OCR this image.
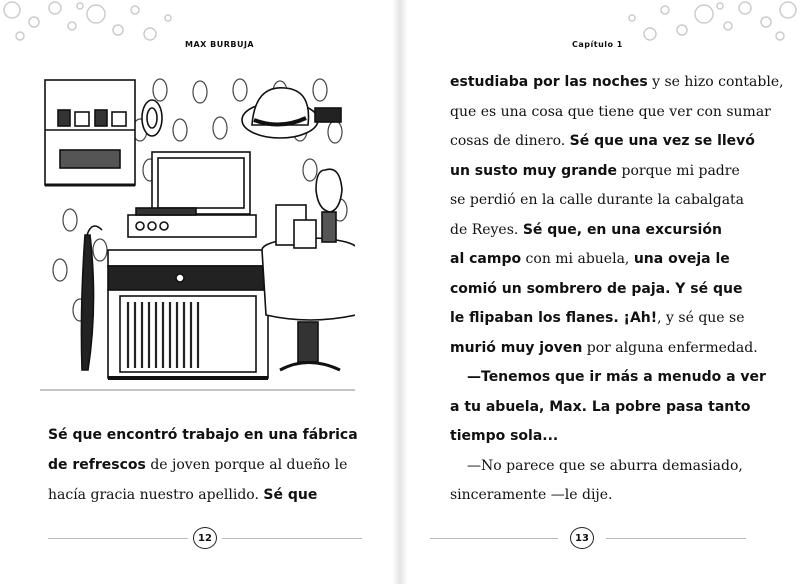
MAX BURBUJA
Sé que encontró trabajo en una fábrica
de refrescos de joven porque al dueño le
hacía gracia nuestro apellido. Sé que
12
Capítulo 1
estudiaba por las noches y se hizo contable,
que es una cosa que tiene que ver con sumar
cosas de dinero. Sé que una vez se llevó
un susto muy grande porque mi padre
se perdió en la calle durante la cabalgata
de Reyes. Sé que, en una excursión
al campo con mi abuela, una oveja le
comió un sombrero de paja. Y sé que
le flipaban los flanes. ¡Ah!, y sé que se
murió muy joven por alguna enfermedad.
—Tenemos que ir más a menudo a ver
a tu abuela, Max. La pobre pasa tanto
tiempo sola...
—No parece que se aburra demasiado,
sinceramente —le dije.
13
